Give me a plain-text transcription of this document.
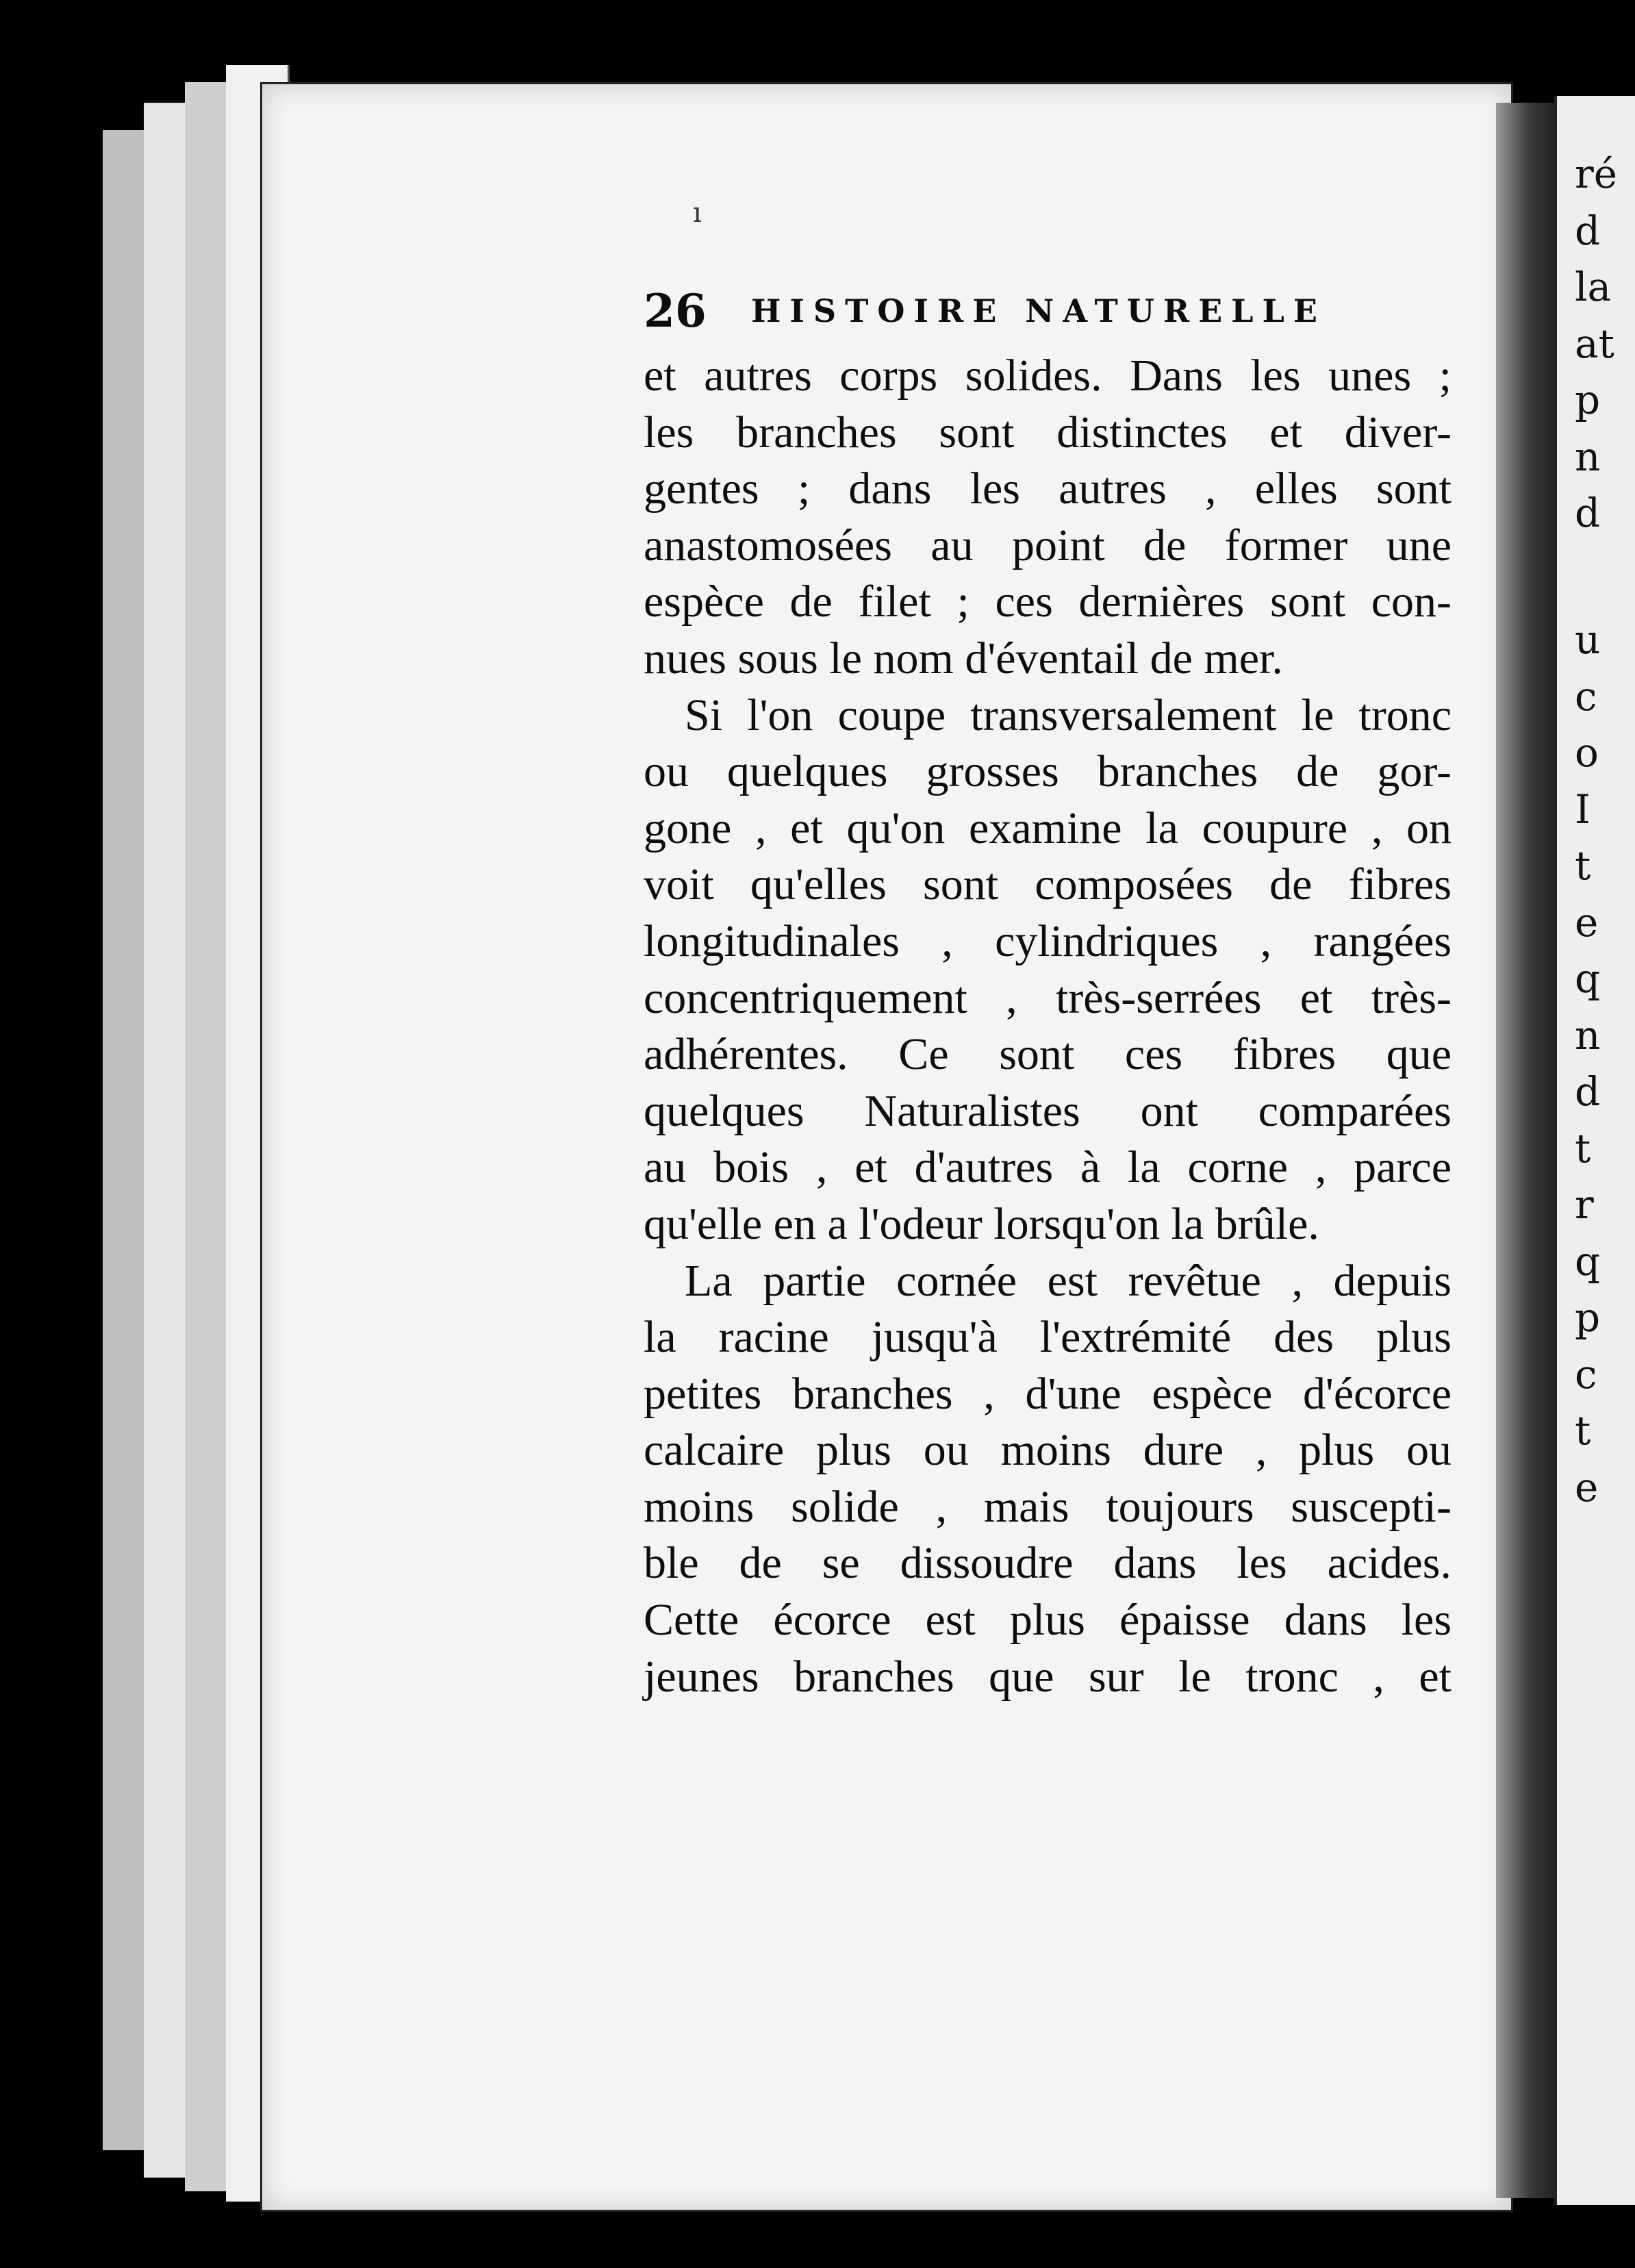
ré
d
la
at
p
n
d
u
c
o
I
t
e
q
n
d
t
r
q
p
c
t
e
ı
26 HISTOIRE NATURELLE
et autres corps solides. Dans les unes ;
les branches sont distinctes et diver-
gentes ; dans les autres , elles sont
anastomosées au point de former une
espèce de filet ; ces dernières sont con-
nues sous le nom d'éventail de mer.
Si l'on coupe transversalement le tronc
ou quelques grosses branches de gor-
gone , et qu'on examine la coupure , on
voit qu'elles sont composées de fibres
longitudinales , cylindriques , rangées
concentriquement , très-serrées et très-
adhérentes. Ce sont ces fibres que
quelques Naturalistes ont comparées
au bois , et d'autres à la corne , parce
qu'elle en a l'odeur lorsqu'on la brûle.
La partie cornée est revêtue , depuis
la racine jusqu'à l'extrémité des plus
petites branches , d'une espèce d'écorce
calcaire plus ou moins dure , plus ou
moins solide , mais toujours suscepti-
ble de se dissoudre dans les acides.
Cette écorce est plus épaisse dans les
jeunes branches que sur le tronc , et
